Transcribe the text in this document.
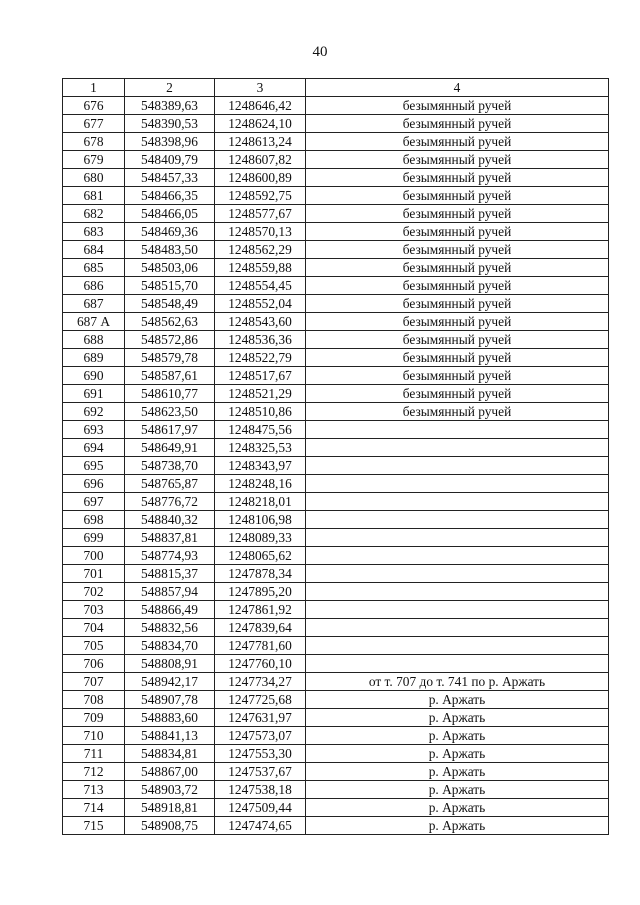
40
1	2	3	4
676	548389,63	1248646,42	безымянный ручей
677	548390,53	1248624,10	безымянный ручей
678	548398,96	1248613,24	безымянный ручей
679	548409,79	1248607,82	безымянный ручей
680	548457,33	1248600,89	безымянный ручей
681	548466,35	1248592,75	безымянный ручей
682	548466,05	1248577,67	безымянный ручей
683	548469,36	1248570,13	безымянный ручей
684	548483,50	1248562,29	безымянный ручей
685	548503,06	1248559,88	безымянный ручей
686	548515,70	1248554,45	безымянный ручей
687	548548,49	1248552,04	безымянный ручей
687 А	548562,63	1248543,60	безымянный ручей
688	548572,86	1248536,36	безымянный ручей
689	548579,78	1248522,79	безымянный ручей
690	548587,61	1248517,67	безымянный ручей
691	548610,77	1248521,29	безымянный ручей
692	548623,50	1248510,86	безымянный ручей
693	548617,97	1248475,56	
694	548649,91	1248325,53	
695	548738,70	1248343,97	
696	548765,87	1248248,16	
697	548776,72	1248218,01	
698	548840,32	1248106,98	
699	548837,81	1248089,33	
700	548774,93	1248065,62	
701	548815,37	1247878,34	
702	548857,94	1247895,20	
703	548866,49	1247861,92	
704	548832,56	1247839,64	
705	548834,70	1247781,60	
706	548808,91	1247760,10	
707	548942,17	1247734,27	от т. 707 до т. 741 по р. Аржать
708	548907,78	1247725,68	р. Аржать
709	548883,60	1247631,97	р. Аржать
710	548841,13	1247573,07	р. Аржать
711	548834,81	1247553,30	р. Аржать
712	548867,00	1247537,67	р. Аржать
713	548903,72	1247538,18	р. Аржать
714	548918,81	1247509,44	р. Аржать
715	548908,75	1247474,65	р. Аржать
